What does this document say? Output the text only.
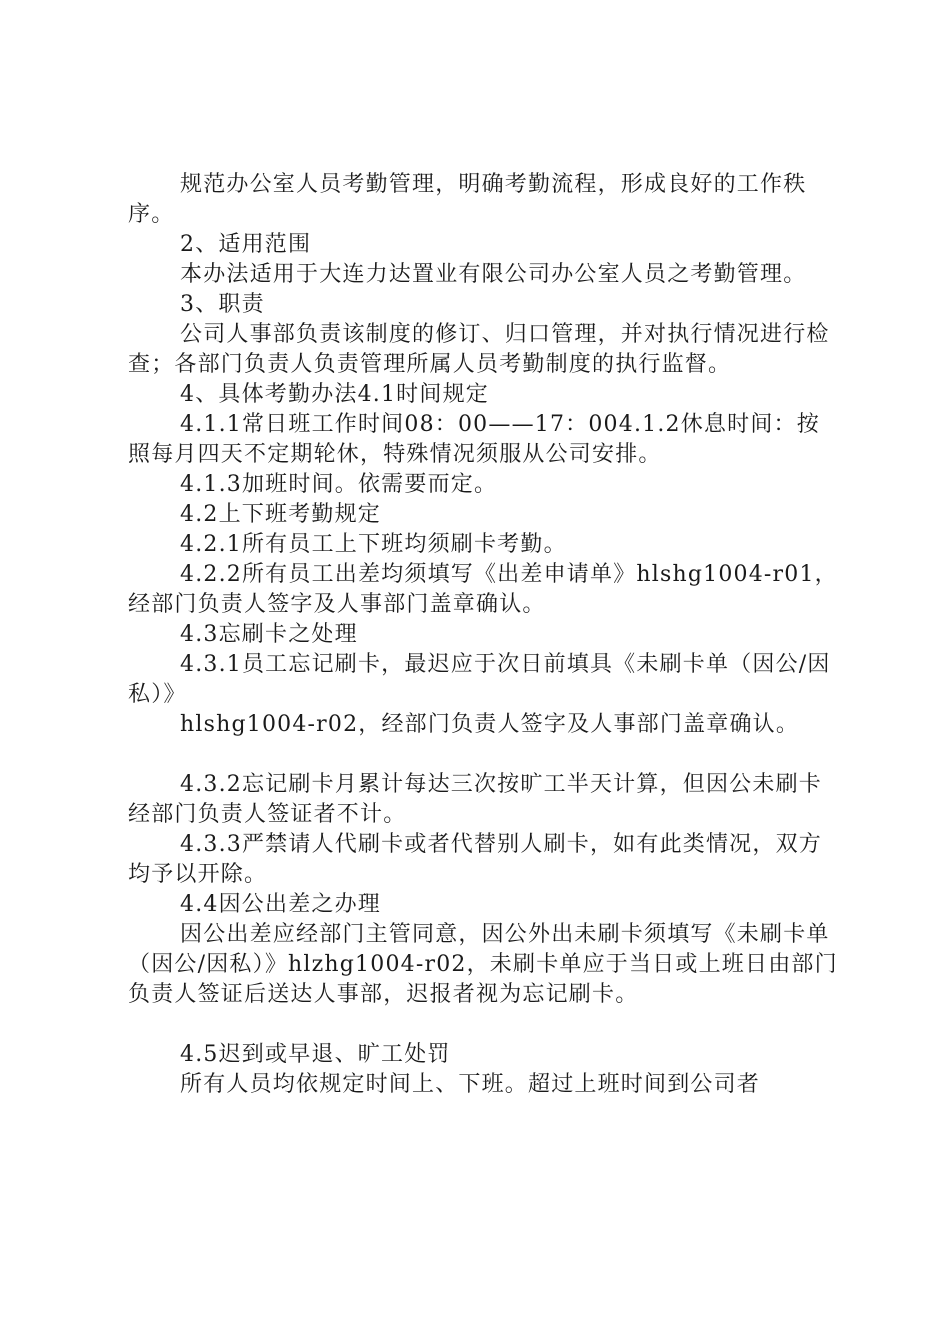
规范办公室人员考勤管理，明确考勤流程，形成良好的工作秩序。

2、适用范围

本办法适用于大连力达置业有限公司办公室人员之考勤管理。

3、职责

公司人事部负责该制度的修订、归口管理，并对执行情况进行检查；各部门负责人负责管理所属人员考勤制度的执行监督。

4、具体考勤办法4.1时间规定

4.1.1常日班工作时间08：00——17：004.1.2休息时间：按照每月四天不定期轮休，特殊情况须服从公司安排。

4.1.3加班时间。依需要而定。

4.2上下班考勤规定

4.2.1所有员工上下班均须刷卡考勤。

4.2.2所有员工出差均须填写《出差申请单》hlshg1004-r01，经部门负责人签字及人事部门盖章确认。

4.3忘刷卡之处理

4.3.1员工忘记刷卡，最迟应于次日前填具《未刷卡单（因公/因私）》

hlshg1004-r02，经部门负责人签字及人事部门盖章确认。

4.3.2忘记刷卡月累计每达三次按旷工半天计算，但因公未刷卡经部门负责人签证者不计。

4.3.3严禁请人代刷卡或者代替别人刷卡，如有此类情况，双方均予以开除。

4.4因公出差之办理

因公出差应经部门主管同意，因公外出未刷卡须填写《未刷卡单（因公/因私）》hlzhg1004-r02，未刷卡单应于当日或上班日由部门负责人签证后送达人事部，迟报者视为忘记刷卡。

4.5迟到或早退、旷工处罚

所有人员均依规定时间上、下班。超过上班时间到公司者
